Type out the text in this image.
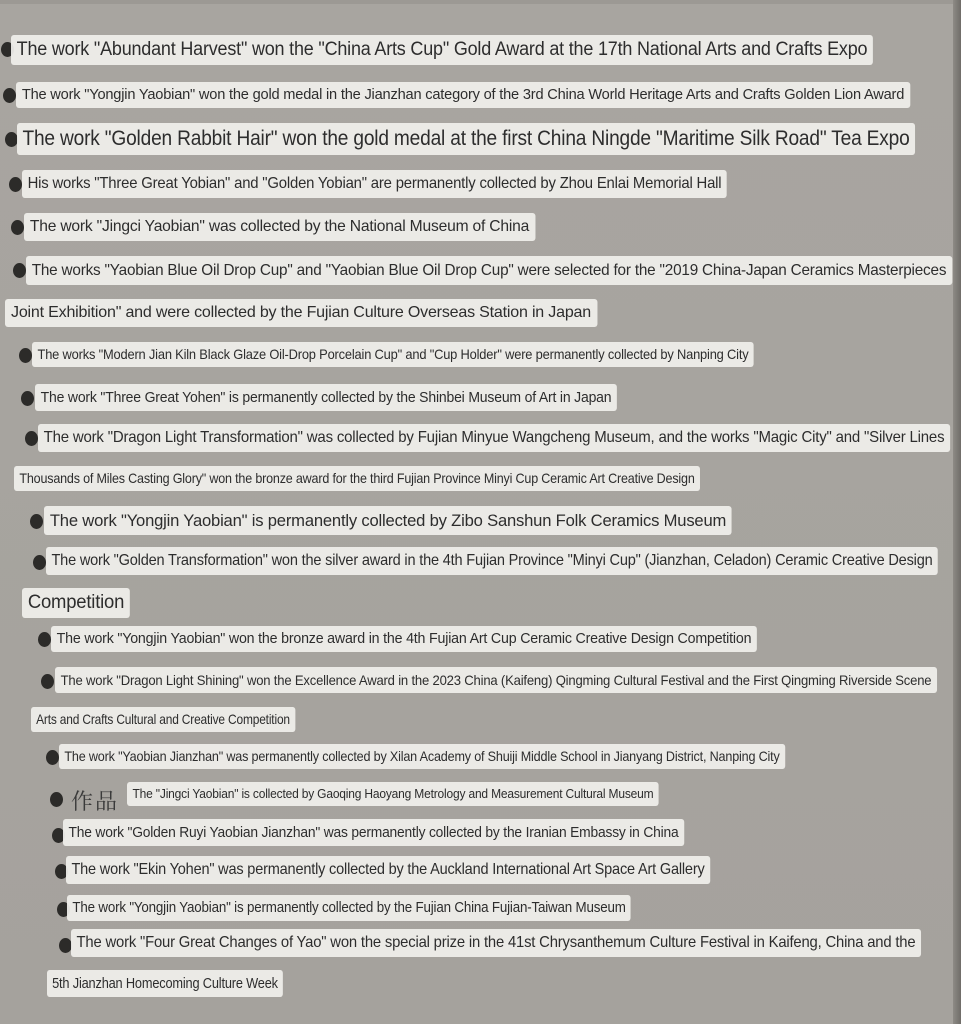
The work "Abundant Harvest" won the "China Arts Cup" Gold Award at the 17th National Arts and Crafts Expo
The work "Yongjin Yaobian" won the gold medal in the Jianzhan category of the 3rd China World Heritage Arts and Crafts Golden Lion Award
The work "Golden Rabbit Hair" won the gold medal at the first China Ningde "Maritime Silk Road" Tea Expo
His works "Three Great Yobian" and "Golden Yobian" are permanently collected by Zhou Enlai Memorial Hall
The work "Jingci Yaobian" was collected by the National Museum of China
The works "Yaobian Blue Oil Drop Cup" and "Yaobian Blue Oil Drop Cup" were selected for the "2019 China-Japan Ceramics Masterpieces
Joint Exhibition" and were collected by the Fujian Culture Overseas Station in Japan
The works "Modern Jian Kiln Black Glaze Oil-Drop Porcelain Cup" and "Cup Holder" were permanently collected by Nanping City
The work "Three Great Yohen" is permanently collected by the Shinbei Museum of Art in Japan
The work "Dragon Light Transformation" was collected by Fujian Minyue Wangcheng Museum, and the works "Magic City" and "Silver Lines
Thousands of Miles Casting Glory" won the bronze award for the third Fujian Province Minyi Cup Ceramic Art Creative Design
The work "Yongjin Yaobian" is permanently collected by Zibo Sanshun Folk Ceramics Museum
The work "Golden Transformation" won the silver award in the 4th Fujian Province "Minyi Cup" (Jianzhan, Celadon) Ceramic Creative Design
Competition
The work "Yongjin Yaobian" won the bronze award in the 4th Fujian Art Cup Ceramic Creative Design Competition
The work "Dragon Light Shining" won the Excellence Award in the 2023 China (Kaifeng) Qingming Cultural Festival and the First Qingming Riverside Scene
Arts and Crafts Cultural and Creative Competition
The work "Yaobian Jianzhan" was permanently collected by Xilan Academy of Shuiji Middle School in Jianyang District, Nanping City
作品	The "Jingci Yaobian" is collected by Gaoqing Haoyang Metrology and Measurement Cultural Museum
The work "Golden Ruyi Yaobian Jianzhan" was permanently collected by the Iranian Embassy in China
The work "Ekin Yohen" was permanently collected by the Auckland International Art Space Art Gallery
The work "Yongjin Yaobian" is permanently collected by the Fujian China Fujian-Taiwan Museum
The work "Four Great Changes of Yao" won the special prize in the 41st Chrysanthemum Culture Festival in Kaifeng, China and the
5th Jianzhan Homecoming Culture Week
